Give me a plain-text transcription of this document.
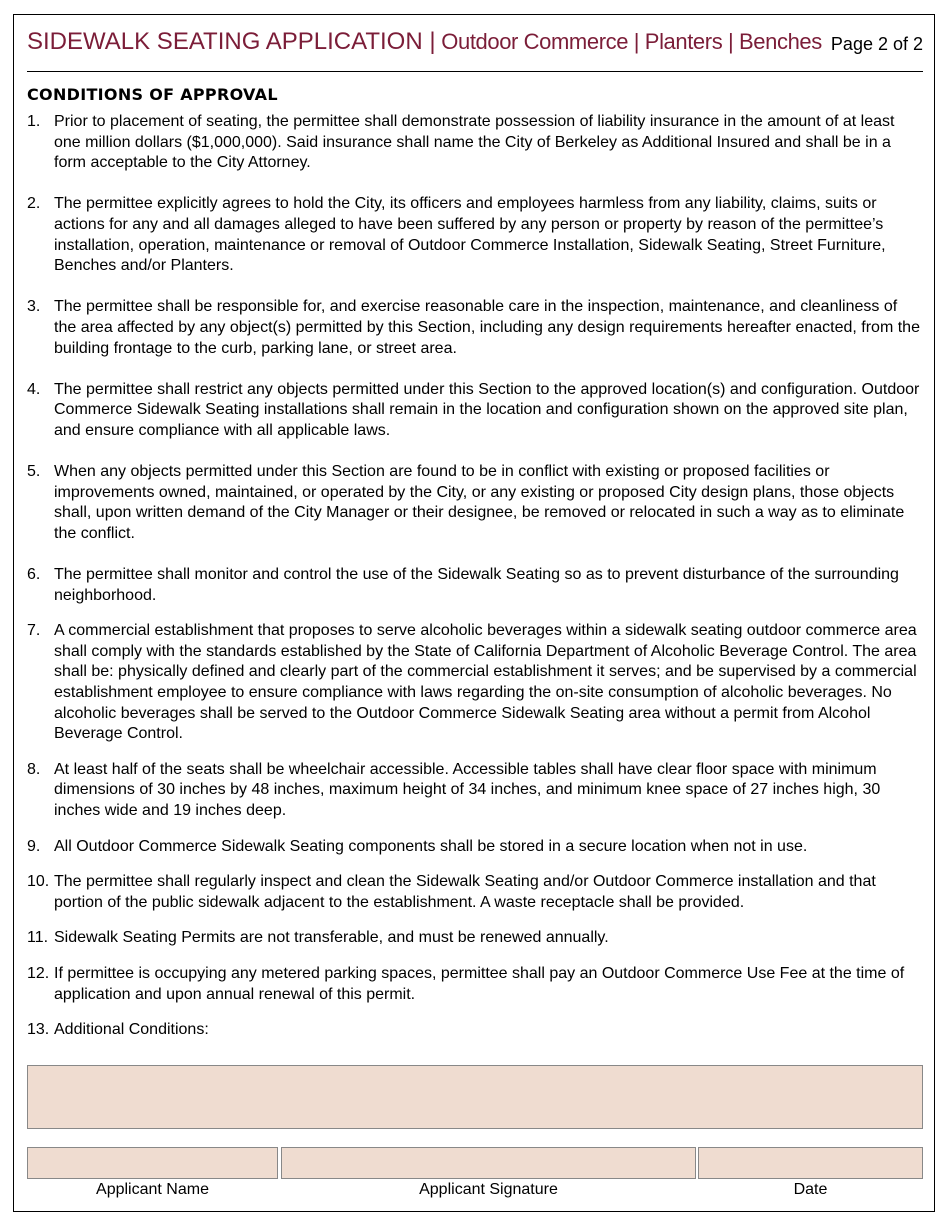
SIDEWALK SEATING APPLICATION | Outdoor Commerce | Planters | Benches Page 2 of 2
CONDITIONS OF APPROVAL
1. Prior to placement of seating, the permittee shall demonstrate possession of liability insurance in the amount of at least one million dollars ($1,000,000). Said insurance shall name the City of Berkeley as Additional Insured and shall be in a form acceptable to the City Attorney.
2. The permittee explicitly agrees to hold the City, its officers and employees harmless from any liability, claims, suits or actions for any and all damages alleged to have been suffered by any person or property by reason of the permittee’s installation, operation, maintenance or removal of Outdoor Commerce Installation, Sidewalk Seating, Street Furniture, Benches and/or Planters.
3. The permittee shall be responsible for, and exercise reasonable care in the inspection, maintenance, and cleanliness of the area affected by any object(s) permitted by this Section, including any design requirements hereafter enacted, from the building frontage to the curb, parking lane, or street area.
4. The permittee shall restrict any objects permitted under this Section to the approved location(s) and configuration. Outdoor Commerce Sidewalk Seating installations shall remain in the location and configuration shown on the approved site plan, and ensure compliance with all applicable laws.
5. When any objects permitted under this Section are found to be in conflict with existing or proposed facilities or improvements owned, maintained, or operated by the City, or any existing or proposed City design plans, those objects shall, upon written demand of the City Manager or their designee, be removed or relocated in such a way as to eliminate the conflict.
6. The permittee shall monitor and control the use of the Sidewalk Seating so as to prevent disturbance of the surrounding neighborhood.
7. A commercial establishment that proposes to serve alcoholic beverages within a sidewalk seating outdoor commerce area shall comply with the standards established by the State of California Department of Alcoholic Beverage Control. The area shall be: physically defined and clearly part of the commercial establishment it serves; and be supervised by a commercial establishment employee to ensure compliance with laws regarding the on-site consumption of alcoholic beverages. No alcoholic beverages shall be served to the Outdoor Commerce Sidewalk Seating area without a permit from Alcohol Beverage Control.
8. At least half of the seats shall be wheelchair accessible. Accessible tables shall have clear floor space with minimum dimensions of 30 inches by 48 inches, maximum height of 34 inches, and minimum knee space of 27 inches high, 30 inches wide and 19 inches deep.
9. All Outdoor Commerce Sidewalk Seating components shall be stored in a secure location when not in use.
10. The permittee shall regularly inspect and clean the Sidewalk Seating and/or Outdoor Commerce installation and that portion of the public sidewalk adjacent to the establishment. A waste receptacle shall be provided.
11. Sidewalk Seating Permits are not transferable, and must be renewed annually.
12. If permittee is occupying any metered parking spaces, permittee shall pay an Outdoor Commerce Use Fee at the time of application and upon annual renewal of this permit.
13. Additional Conditions:
Applicant Name	Applicant Signature	Date
